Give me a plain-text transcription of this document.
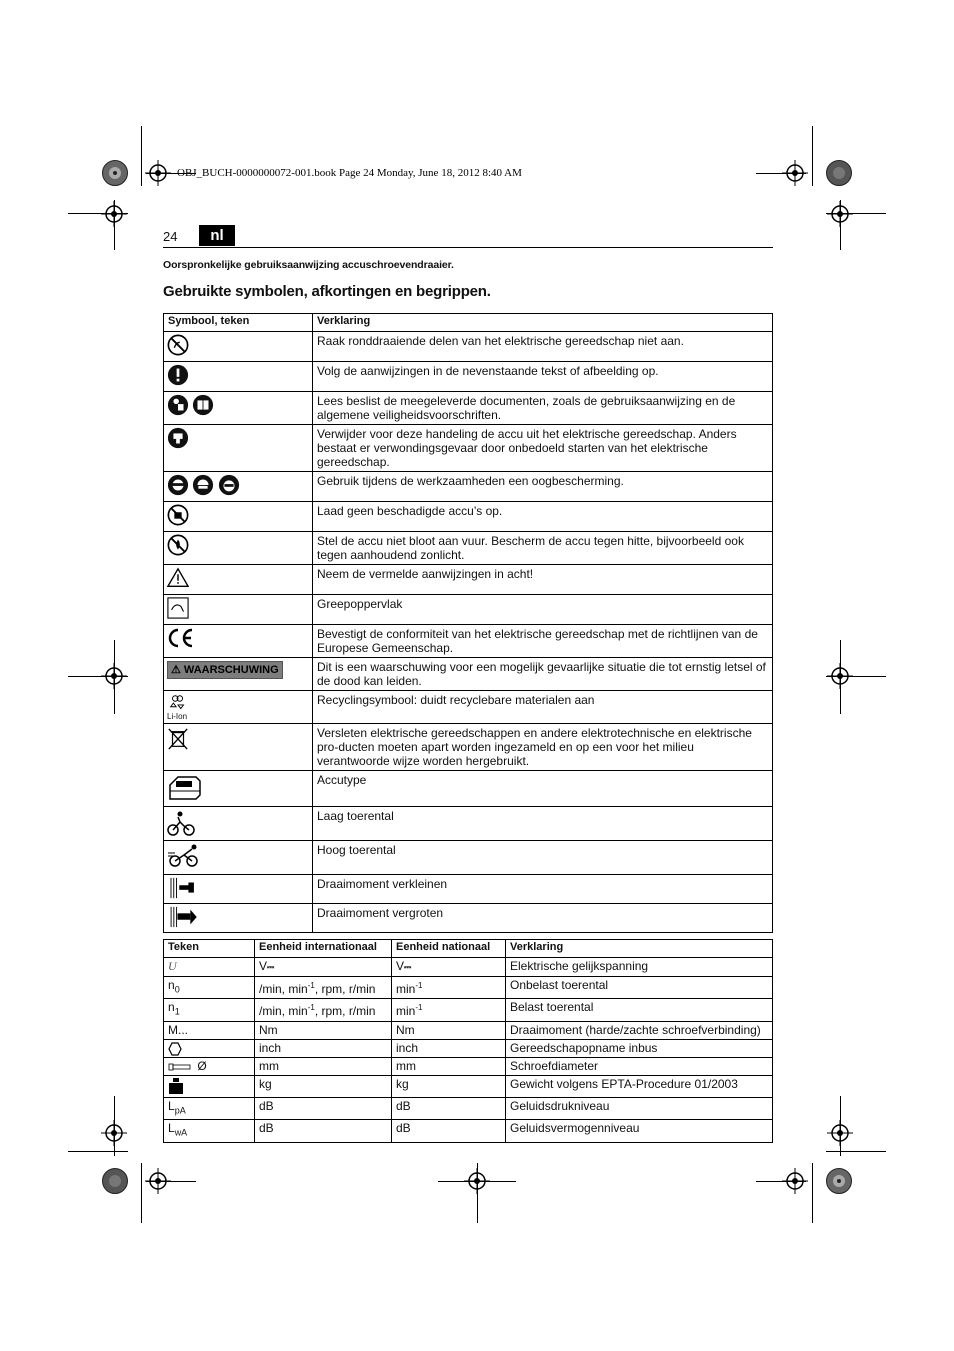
OBJ_BUCH-0000000072-001.book Page 24 Monday, June 18, 2012 8:40 AM
24	nl
Oorspronkelijke gebruiksaanwijzing accuschroevendraaier.
Gebruikte symbolen, afkortingen en begrippen.
Symbool, teken	Verklaring
	Raak ronddraaiende delen van het elektrische gereedschap niet aan.
	Volg de aanwijzingen in de nevenstaande tekst of afbeelding op.
	Lees beslist de meegeleverde documenten, zoals de gebruiksaanwijzing en de algemene veiligheidsvoorschriften.
	Verwijder voor deze handeling de accu uit het elektrische gereedschap. Anders bestaat er verwondingsgevaar door onbedoeld starten van het elektrische gereedschap.
	Gebruik tijdens de werkzaamheden een oogbescherming.
	Laad geen beschadigde accu’s op.
	Stel de accu niet bloot aan vuur. Bescherm de accu tegen hitte, bijvoorbeeld ook tegen aanhoudend zonlicht.
	Neem de vermelde aanwijzingen in acht!
	Greepoppervlak
	Bevestigt de conformiteit van het elektrische gereedschap met de richtlijnen van de Europese Gemeenschap.
⚠ WAARSCHUWING	Dit is een waarschuwing voor een mogelijk gevaarlijke situatie die tot ernstig letsel of de dood kan leiden.

Li-Ion	Recyclingsymbool: duidt recyclebare materialen aan
	Versleten elektrische gereedschappen en andere elektrotechnische en elektrische pro-ducten moeten apart worden ingezameld en op een voor het milieu verantwoorde wijze worden hergebruikt.
	Accutype
	Laag toerental
	Hoog toerental
	Draaimoment verkleinen
	Draaimoment vergroten
Teken	Eenheid internationaal	Eenheid nationaal	Verklaring
U	V⎓	V⎓	Elektrische gelijkspanning
$n_0$	/min, $\min^{-1}$, rpm, r/min	$\min^{-1}$	Onbelast toerental
$n_1$	/min, $\min^{-1}$, rpm, r/min	$\min^{-1}$	Belast toerental
M...	Nm	Nm	Draaimoment (harde/zachte schroefverbinding)
	inch	inch	Gereedschapopname inbus
Ø	mm	mm	Schroefdiameter
	kg	kg	Gewicht volgens EPTA-Procedure 01/2003
$L_{pA}$	dB	dB	Geluidsdrukniveau
$L_{wA}$	dB	dB	Geluidsvermogenniveau
